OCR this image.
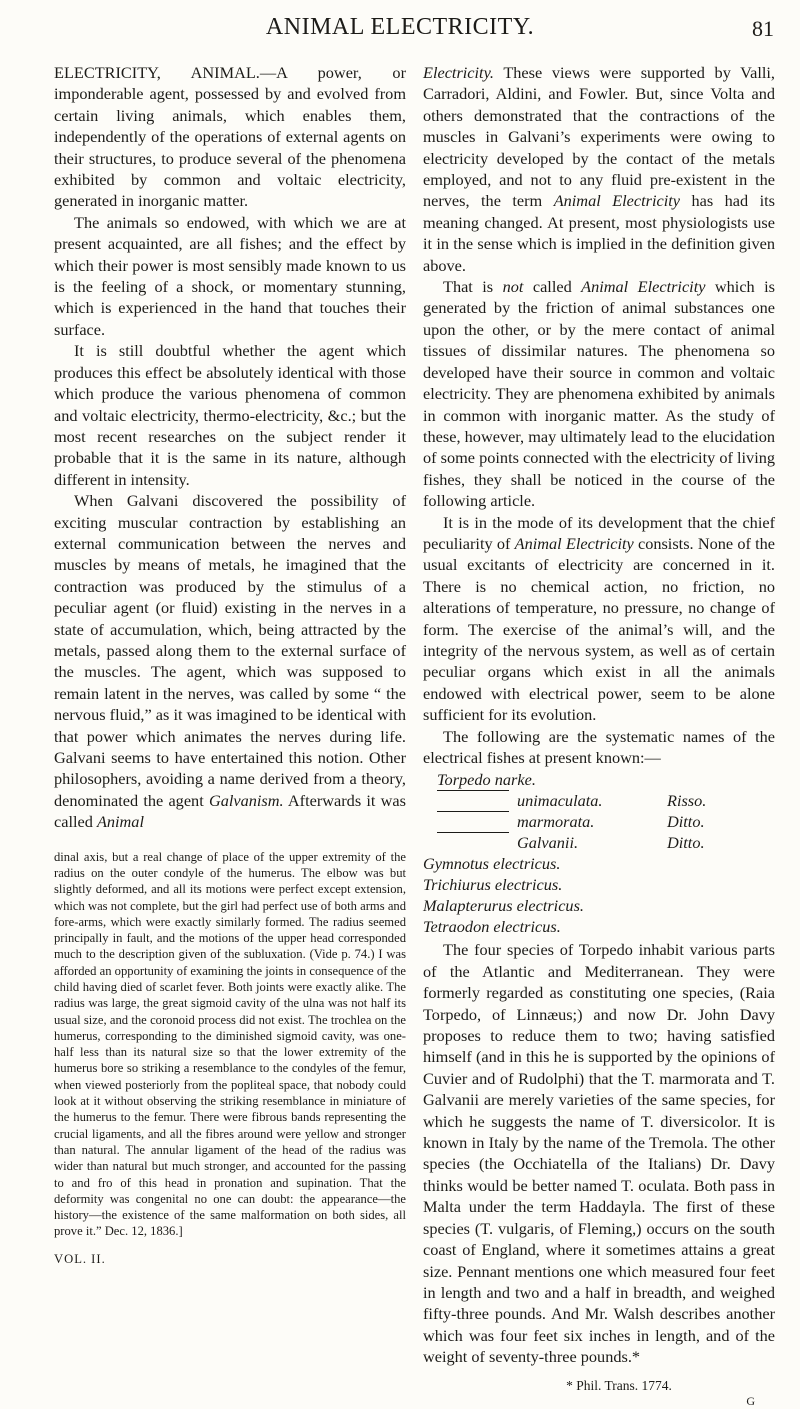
ANIMAL ELECTRICITY.	81

ELECTRICITY, ANIMAL.—A power, or imponderable agent, possessed by and evolved from certain living animals, which enables them, independently of the operations of external agents on their structures, to produce several of the phenomena exhibited by common and voltaic electricity, generated in inorganic matter.

The animals so endowed, with which we are at present acquainted, are all fishes; and the effect by which their power is most sensibly made known to us is the feeling of a shock, or momentary stunning, which is experienced in the hand that touches their surface.

It is still doubtful whether the agent which produces this effect be absolutely identical with those which produce the various phenomena of common and voltaic electricity, thermo-electricity, &c.; but the most recent researches on the subject render it probable that it is the same in its nature, although different in intensity.

When Galvani discovered the possibility of exciting muscular contraction by establishing an external communication between the nerves and muscles by means of metals, he imagined that the contraction was produced by the stimulus of a peculiar agent (or fluid) existing in the nerves in a state of accumulation, which, being attracted by the metals, passed along them to the external surface of the muscles. The agent, which was supposed to remain latent in the nerves, was called by some “ the nervous fluid,” as it was imagined to be identical with that power which animates the nerves during life. Galvani seems to have entertained this notion. Other philosophers, avoiding a name derived from a theory, denominated the agent Galvanism. Afterwards it was called Animal

dinal axis, but a real change of place of the upper extremity of the radius on the outer condyle of the humerus. The elbow was but slightly deformed, and all its motions were perfect except extension, which was not complete, but the girl had perfect use of both arms and fore-arms, which were exactly similarly formed. The radius seemed principally in fault, and the motions of the upper head corresponded much to the description given of the subluxation. (Vide p. 74.) I was afforded an opportunity of examining the joints in consequence of the child having died of scarlet fever. Both joints were exactly alike. The radius was large, the great sigmoid cavity of the ulna was not half its usual size, and the coronoid process did not exist. The trochlea on the humerus, corresponding to the diminished sigmoid cavity, was one-half less than its natural size so that the lower extremity of the humerus bore so striking a resemblance to the condyles of the femur, when viewed posteriorly from the popliteal space, that nobody could look at it without observing the striking resemblance in miniature of the humerus to the femur. There were fibrous bands representing the crucial ligaments, and all the fibres around were yellow and stronger than natural. The annular ligament of the head of the radius was wider than natural but much stronger, and accounted for the passing to and fro of this head in pronation and supination. That the deformity was congenital no one can doubt: the appearance—the history—the existence of the same malformation on both sides, all prove it.” Dec. 12, 1836.]

VOL. II.

Electricity. These views were supported by Valli, Carradori, Aldini, and Fowler. But, since Volta and others demonstrated that the contractions of the muscles in Galvani’s experiments were owing to electricity developed by the contact of the metals employed, and not to any fluid pre-existent in the nerves, the term Animal Electricity has had its meaning changed. At present, most physiologists use it in the sense which is implied in the definition given above.

That is not called Animal Electricity which is generated by the friction of animal substances one upon the other, or by the mere contact of animal tissues of dissimilar natures. The phenomena so developed have their source in common and voltaic electricity. They are phenomena exhibited by animals in common with inorganic matter. As the study of these, however, may ultimately lead to the elucidation of some points connected with the electricity of living fishes, they shall be noticed in the course of the following article.

It is in the mode of its development that the chief peculiarity of Animal Electricity consists. None of the usual excitants of electricity are concerned in it. There is no chemical action, no friction, no alterations of temperature, no pressure, no change of form. The exercise of the animal’s will, and the integrity of the nervous system, as well as of certain peculiar organs which exist in all the animals endowed with electrical power, seem to be alone sufficient for its evolution.

The following are the systematic names of the electrical fishes at present known:—

Torpedo narke.
unimaculata.	Risso.
marmorata.	Ditto.
Galvanii.	Ditto.
Gymnotus electricus.
Trichiurus electricus.
Malapterurus electricus.
Tetraodon electricus.

The four species of Torpedo inhabit various parts of the Atlantic and Mediterranean. They were formerly regarded as constituting one species, (Raia Torpedo, of Linnæus;) and now Dr. John Davy proposes to reduce them to two; having satisfied himself (and in this he is supported by the opinions of Cuvier and of Rudolphi) that the T. marmorata and T. Galvanii are merely varieties of the same species, for which he suggests the name of T. diversicolor. It is known in Italy by the name of the Tremola. The other species (the Occhiatella of the Italians) Dr. Davy thinks would be better named T. oculata. Both pass in Malta under the term Haddayla. The first of these species (T. vulgaris, of Fleming,) occurs on the south coast of England, where it sometimes attains a great size. Pennant mentions one which measured four feet in length and two and a half in breadth, and weighed fifty-three pounds. And Mr. Walsh describes another which was four feet six inches in length, and of the weight of seventy-three pounds.*

* Phil. Trans. 1774.
G
